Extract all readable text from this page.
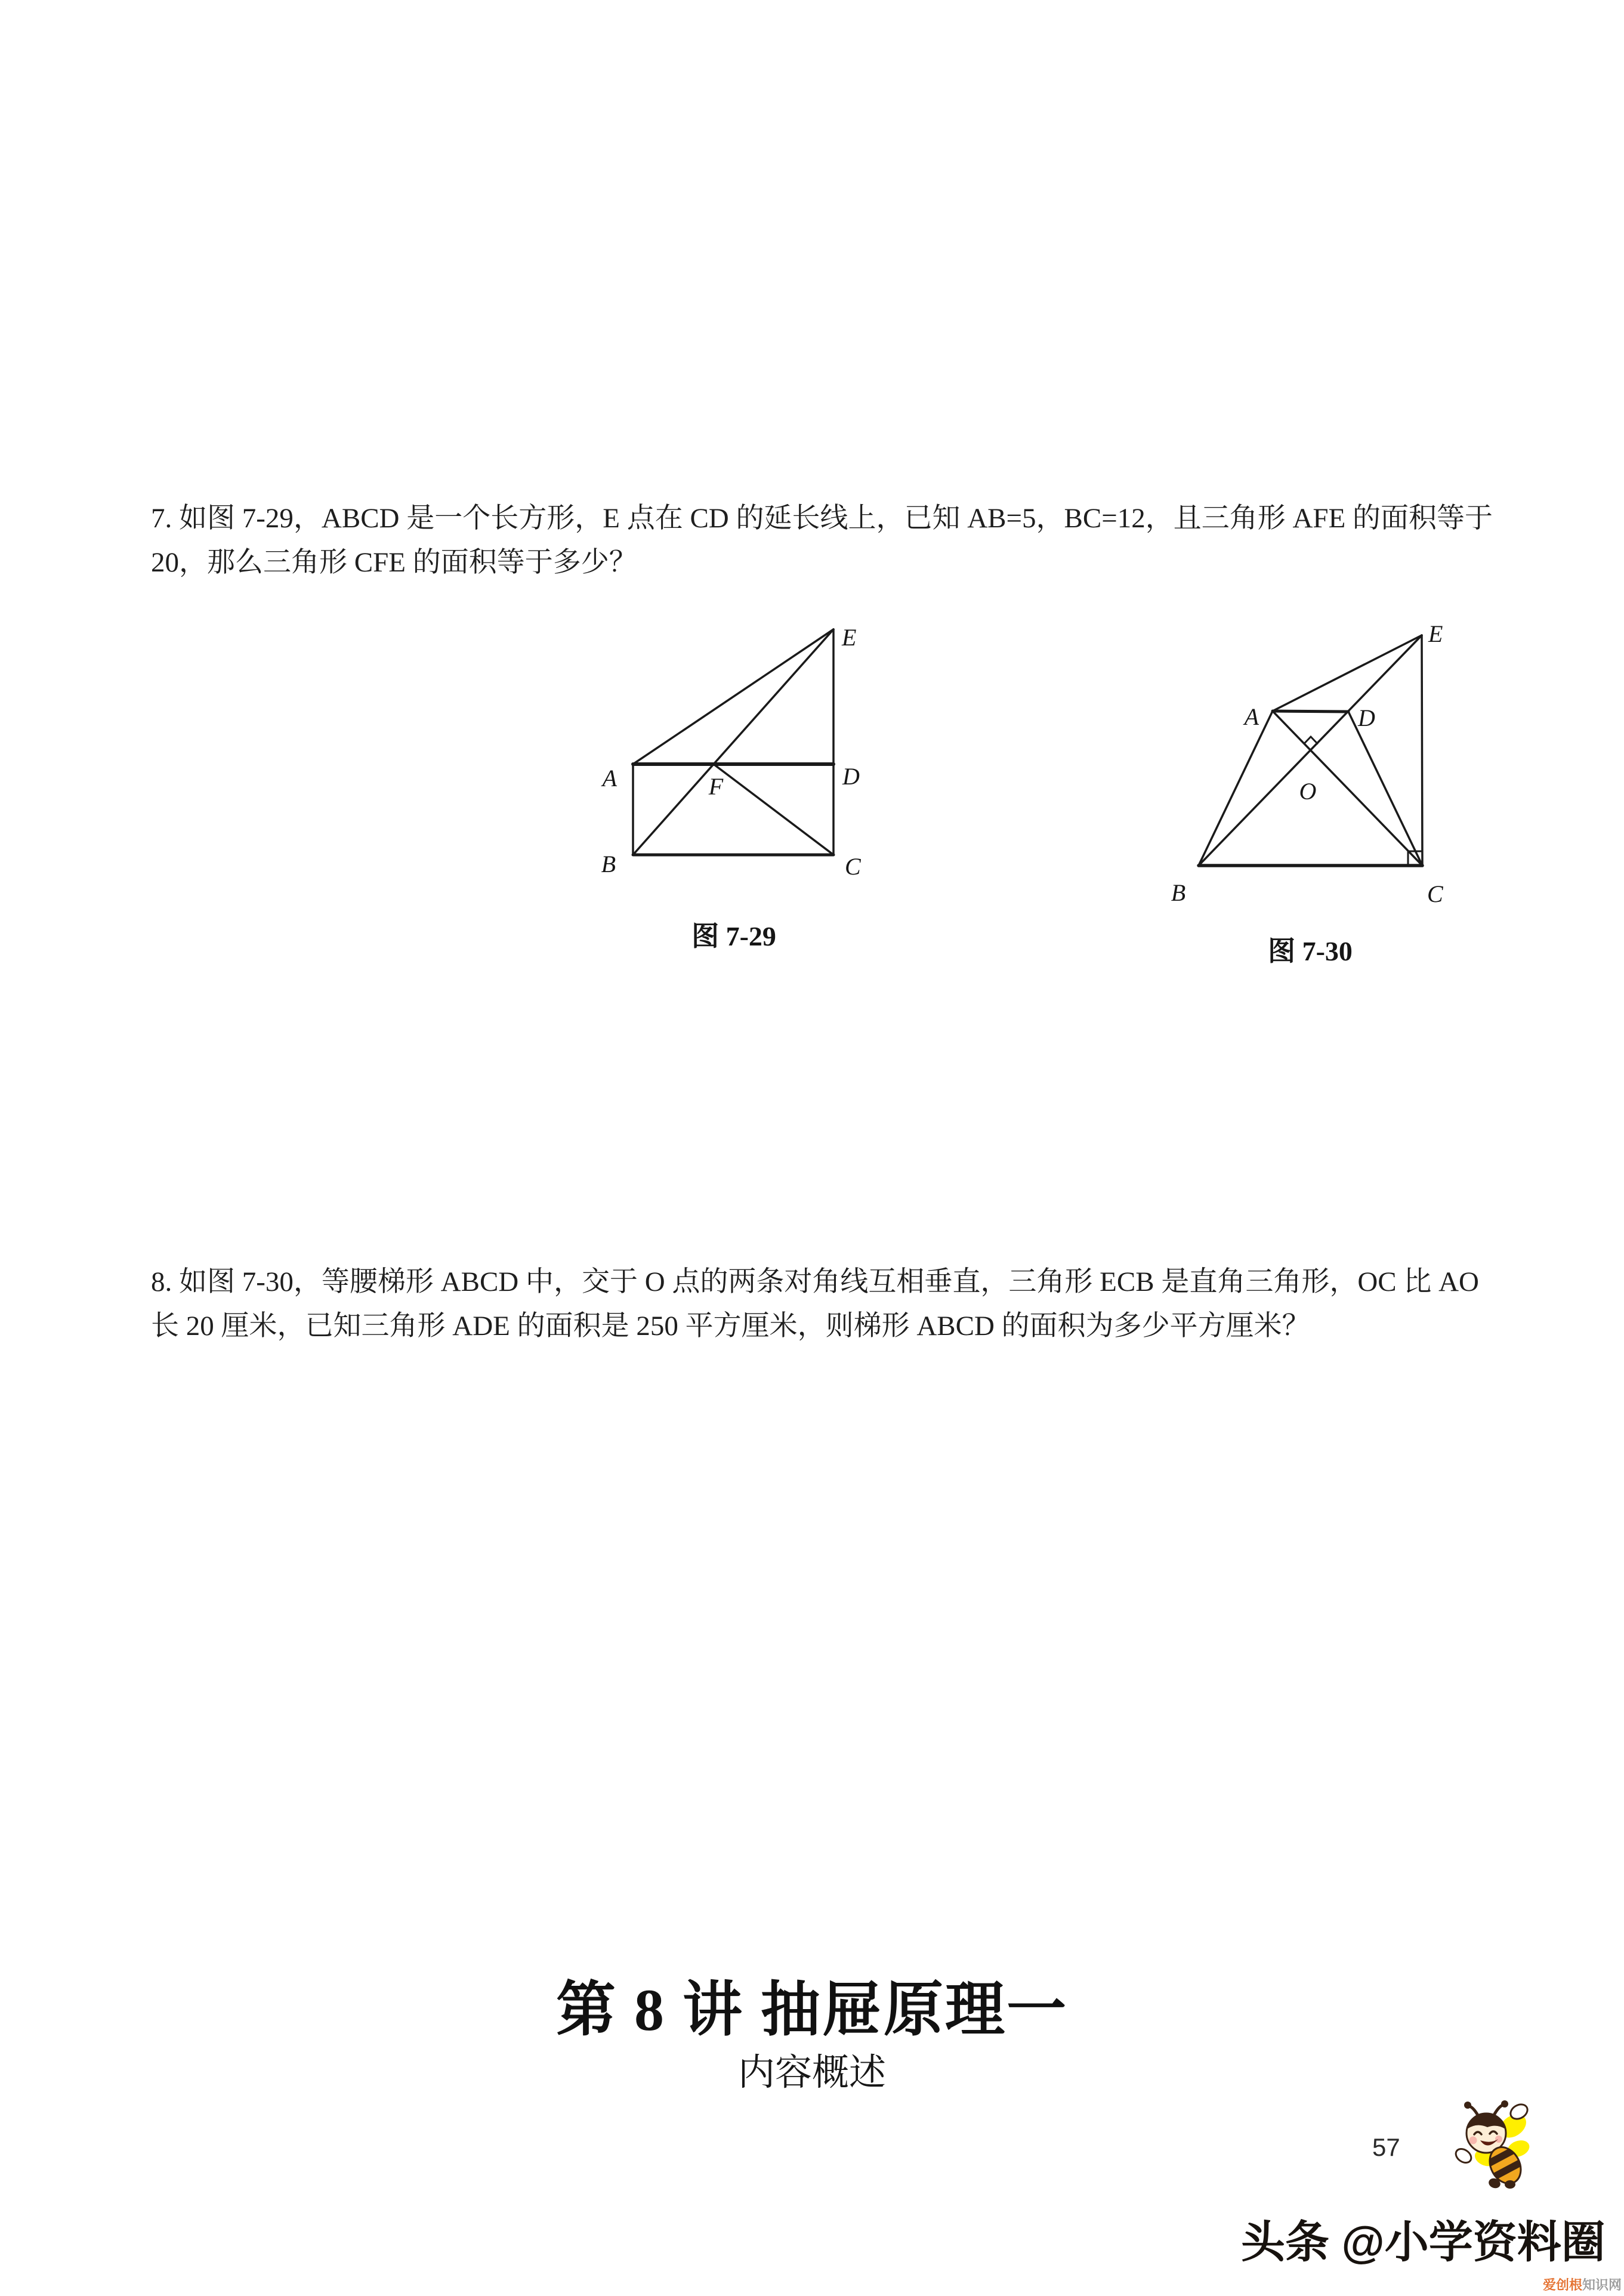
7. 如图 7-29，ABCD 是一个长方形，E 点在 CD 的延长线上，已知 AB=5，BC=12，且三角形 AFE 的面积等于
20，那么三角形 CFE 的面积等于多少？
A
B	C
D
E
F
图 7-29
A
B	C
D
E
O
图 7-30
8. 如图 7-30，等腰梯形 ABCD 中，交于 O 点的两条对角线互相垂直，三角形 ECB 是直角三角形，OC 比 AO
长 20 厘米，已知三角形 ADE 的面积是 250 平方厘米，则梯形 ABCD 的面积为多少平方厘米？
第 8 讲 抽屉原理一
内容概述
57
头条 @小学资料圈
爱创根知识网
